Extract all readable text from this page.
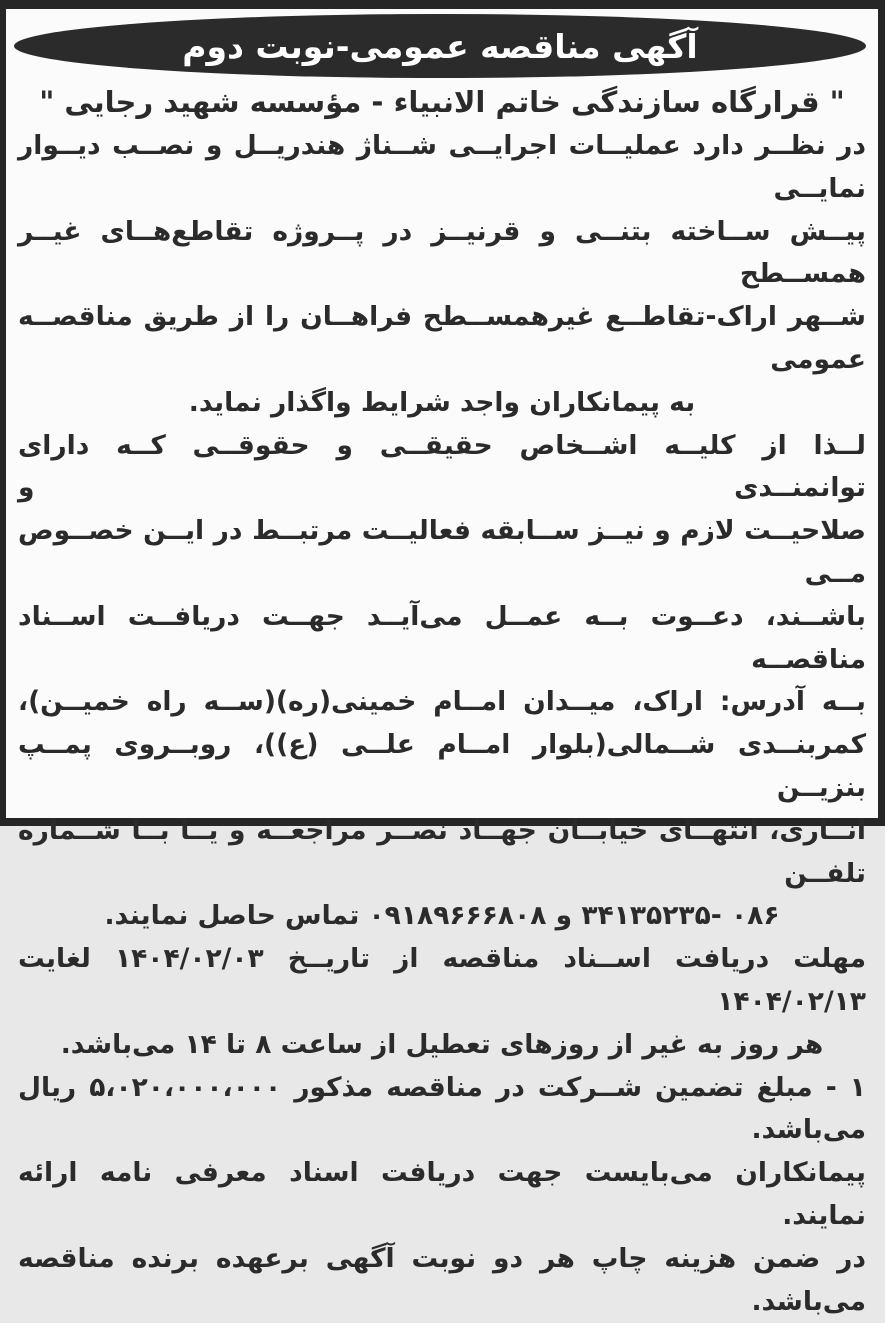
آگهی مناقصه عمومی-نوبت دوم

" قرارگاه سازندگی خاتم الانبیاء - مؤسسه شهید رجایی "

در نظــر دارد عملیــات اجرایــی شــناژ هندریــل و نصــب دیــوار نمایــی

پیــش ســاخته بتنــی و قرنیــز در پــروژه تقاطع‌هــای غیــر همســطح

شــهر اراک-تقاطــع غیرهمســطح فراهــان را از طریق مناقصــه عمومی

به پیمانکاران واجد شرایط واگذار نماید.

لــذا از کلیــه اشــخاص حقیقــی و حقوقــی کــه دارای توانمنــدی و

صلاحیــت لازم و نیــز ســابقه فعالیــت مرتبــط در ایــن خصــوص مــی

باشــند، دعــوت بــه عمــل می‌آیــد جهــت دریافــت اســناد مناقصــه

بــه آدرس: اراک، میــدان امــام خمینی(ره)(ســه راه خمیــن)،

کمربنــدی شــمالی(بلوار امــام علــی (ع))، روبــروی پمــپ بنزیــن

انــاری، انتهــای خیابــان جهــاد نصــر مراجعــه و یــا بــا شــماره تلفــن

۰۸۶ -۳۴۱۳۵۲۳۵ و ۰۹۱۸۹۶۶۶۸۰۸ تماس حاصل نمایند.

مهلت دریافت اســناد مناقصه از تاریــخ ۱۴۰۴/۰۲/۰۳ لغایت ۱۴۰۴/۰۲/۱۳

هر روز به غیر از روزهای تعطیل از ساعت ۸ تا ۱۴ می‌باشد.

۱ - مبلغ تضمین شــرکت در مناقصه مذکور ۵،۰۲۰،۰۰۰،۰۰۰ ریال می‌باشد.

پیمانکاران می‌بایست جهت دریافت اسناد معرفی نامه ارائه نمایند.

در ضمن هزینه چاپ هر دو نوبت آگهی برعهده برنده مناقصه می‌باشد.
